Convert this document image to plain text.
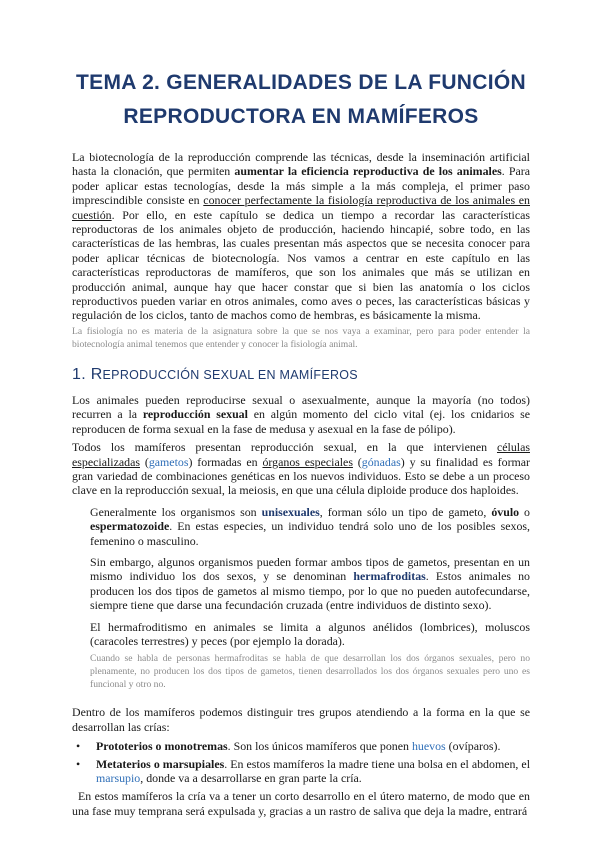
TEMA 2. GENERALIDADES DE LA FUNCIÓN
REPRODUCTORA EN MAMÍFEROS

La biotecnología de la reproducción comprende las técnicas, desde la inseminación artificial hasta la clonación, que permiten aumentar la eficiencia reproductiva de los animales. Para poder aplicar estas tecnologías, desde la más simple a la más compleja, el primer paso imprescindible consiste en conocer perfectamente la fisiología reproductiva de los animales en cuestión. Por ello, en este capítulo se dedica un tiempo a recordar las características reproductoras de los animales objeto de producción, haciendo hincapié, sobre todo, en las características de las hembras, las cuales presentan más aspectos que se necesita conocer para poder aplicar técnicas de biotecnología. Nos vamos a centrar en este capítulo en las características reproductoras de mamíferos, que son los animales que más se utilizan en producción animal, aunque hay que hacer constar que si bien las anatomía o los ciclos reproductivos pueden variar en otros animales, como aves o peces, las características básicas y regulación de los ciclos, tanto de machos como de hembras, es básicamente la misma.

La fisiología no es materia de la asignatura sobre la que se nos vaya a examinar, pero para poder entender la biotecnología animal tenemos que entender y conocer la fisiología animal.

1. REPRODUCCIÓN SEXUAL EN MAMÍFEROS

Los animales pueden reproducirse sexual o asexualmente, aunque la mayoría (no todos) recurren a la reproducción sexual en algún momento del ciclo vital (ej. los cnidarios se reproducen de forma sexual en la fase de medusa y asexual en la fase de pólipo).

Todos los mamíferos presentan reproducción sexual, en la que intervienen células especializadas (gametos) formadas en órganos especiales (gónadas) y su finalidad es formar gran variedad de combinaciones genéticas en los nuevos individuos. Esto se debe a un proceso clave en la reproducción sexual, la meiosis, en que una célula diploide produce dos haploides.

Generalmente los organismos son unisexuales, forman sólo un tipo de gameto, óvulo o espermatozoide. En estas especies, un individuo tendrá solo uno de los posibles sexos, femenino o masculino.

Sin embargo, algunos organismos pueden formar ambos tipos de gametos, presentan en un mismo individuo los dos sexos, y se denominan hermafroditas. Estos animales no producen los dos tipos de gametos al mismo tiempo, por lo que no pueden autofecundarse, siempre tiene que darse una fecundación cruzada (entre individuos de distinto sexo).

El hermafroditismo en animales se limita a algunos anélidos (lombrices), moluscos (caracoles terrestres) y peces (por ejemplo la dorada).

Cuando se habla de personas hermafroditas se habla de que desarrollan los dos órganos sexuales, pero no plenamente, no producen los dos tipos de gametos, tienen desarrollados los dos órganos sexuales pero uno es funcional y otro no.

Dentro de los mamíferos podemos distinguir tres grupos atendiendo a la forma en la que se desarrollan las crías:

• Prototerios o monotremas. Son los únicos mamíferos que ponen huevos (ovíparos).
• Metaterios o marsupiales. En estos mamíferos la madre tiene una bolsa en el abdomen, el marsupio, donde va a desarrollarse en gran parte la cría.

En estos mamíferos la cría va a tener un corto desarrollo en el útero materno, de modo que en una fase muy temprana será expulsada y, gracias a un rastro de saliva que deja la madre, entrará
